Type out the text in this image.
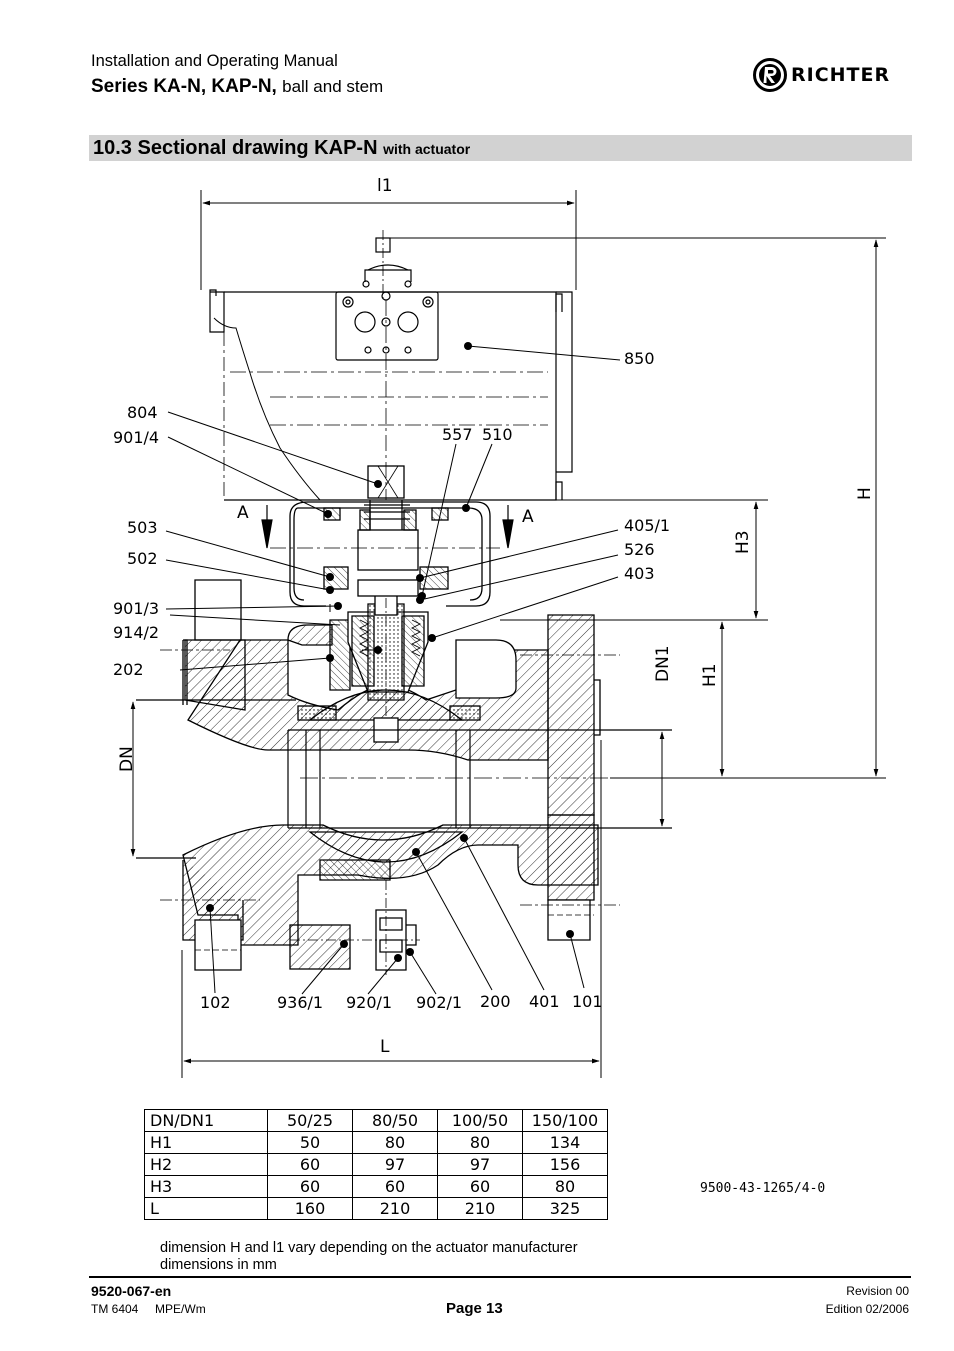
Installation and Operating Manual
Series KA-N, KAP-N, ball and stem
RICHTER
10.3 Sectional drawing KAP-N with actuator
A	A
l1
H
H3
H1
DN1
DN
L
850
804
901/4	557 510
503
502
901/3
914/2
202
405/1
526
403
102	936/1 920/1 902/1 200 401 101
DN/DN1	50/25	80/50	100/50	150/100
H1	50	80	80	134
H2	60	97	97	156
H3	60	60	60	80
L	160	210	210	325
9500-43-1265/4-0
dimension H and l1 vary depending on the actuator manufacturer
dimensions in mm
9520-067-en
TM 6404     MPE/Wm	Page 13
Revision 00
Edition 02/2006
